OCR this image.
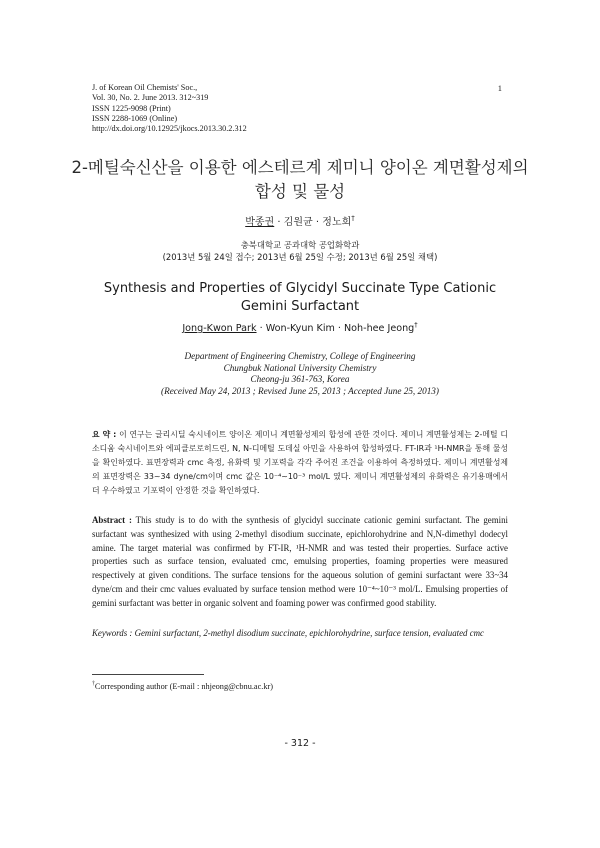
J. of Korean Oil Chemists' Soc.,
Vol. 30, No. 2. June 2013. 312~319
ISSN 1225-9098 (Print)
ISSN 2288-1069 (Online)
http://dx.doi.org/10.12925/jkocs.2013.30.2.312
1
2-메틸숙신산을 이용한 에스테르계 제미니 양이온 계면활성제의
합성 및 물성
박종권 · 김원균 · 정노희†
충북대학교 공과대학 공업화학과
(2013년 5월 24일 접수; 2013년 6월 25일 수정; 2013년 6월 25일 채택)
Synthesis and Properties of Glycidyl Succinate Type Cationic
Gemini Surfactant
Jong-Kwon Park · Won-Kyun Kim · Noh-hee Jeong†
Department of Engineering Chemistry, College of Engineering
Chungbuk National University Chemistry
Cheong-ju 361-763, Korea
(Received May 24, 2013 ; Revised June 25, 2013 ; Accepted June 25, 2013)
요 약 : 이 연구는 글리시딜 숙시네이트 양이온 제미니 계면활성제의 합성에 관한 것이다. 제미니 계면활성제는 2-메틸 디소디움 숙시네이트와 에피클로로히드린, N, N-디메틸 도데실 아민을 사용하여 합성하였다. FT-IR과 ¹H-NMR을 통해 물성을 확인하였다. 표면장력과 cmc 측정, 유화력 및 기포력을 각각 주어진 조건을 이용하여 측정하였다. 제미니 계면활성제의 표면장력은 33~34 dyne/cm이며 cmc 값은 10⁻⁴~10⁻³ mol/L 였다. 제미니 계면활성제의 유화력은 유기용매에서 더 우수하였고 기포력이 안정한 것을 확인하였다.
Abstract : This study is to do with the synthesis of glycidyl succinate cationic gemini surfactant. The gemini surfactant was synthesized with using 2-methyl disodium succinate, epichlorohydrine and N,N-dimethyl dodecyl amine. The target material was confirmed by FT-IR, ¹H-NMR and was tested their properties. Surface active properties such as surface tension, evaluated cmc, emulsing properties, foaming properties were measured respectively at given conditions. The surface tensions for the aqueous solution of gemini surfactant were 33~34 dyne/cm and their cmc values evaluated by surface tension method were 10⁻⁴~10⁻³ mol/L. Emulsing properties of gemini surfactant was better in organic solvent and foaming power was confirmed good stability.
Keywords : Gemini surfactant, 2-methyl disodium succinate, epichlorohydrine, surface tension, evaluated cmc
†Corresponding author (E-mail : nhjeong@cbnu.ac.kr)
- 312 -
